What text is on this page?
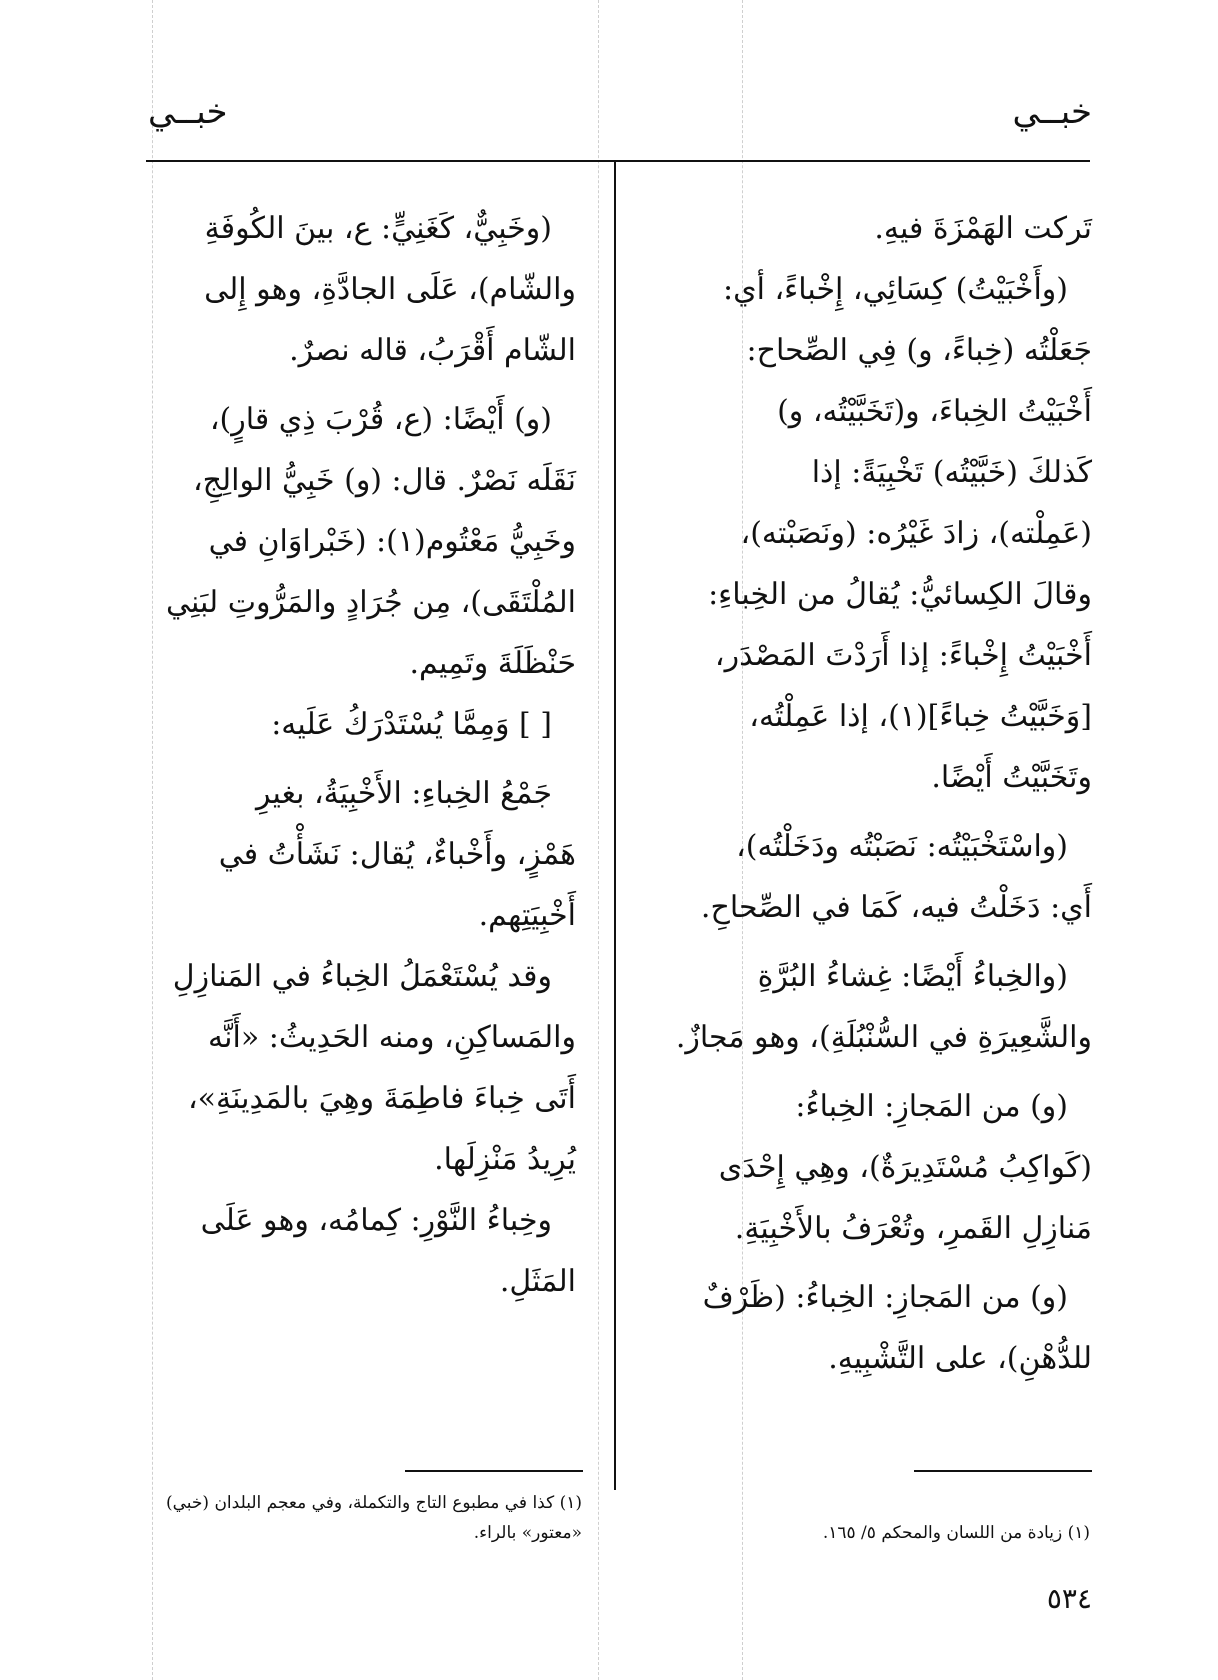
خبــي
خبــي

تَركت الهَمْزَةَ فيهِ.

(وأَخْبَيْتُ) كِسَائِي، إِخْباءً، أي:

جَعَلْتُه (خِباءً، و) فِي الصِّحاح:

أَخْبَيْتُ الخِباءَ، و(تَخَبَّيْتُه، و)

كَذلكَ (خَبَّيْتُه) تَخْبِيَةً: إذا

(عَمِلْته)، زادَ غَيْرُه: (ونَصَبْته)،

وقالَ الكِسائيُّ: يُقالُ من الخِباءِ:

أَخْبَيْتُ إِخْباءً: إذا أَرَدْتَ المَصْدَر،

[وَخَبَّيْتُ خِباءً](١)، إذا عَمِلْتُه،

وتَخَبَّيْتُ أَيْضًا.

(واسْتَخْبَيْتُه: نَصَبْتُه ودَخَلْتُه)،

أَي: دَخَلْتُ فيه، كَمَا في الصِّحاحِ.

(والخِباءُ أَيْضًا: غِشاءُ البُرَّةِ

والشَّعِيرَةِ في السُّنْبُلَةِ)، وهو مَجازٌ.

(و) من المَجازِ: الخِباءُ:

(كَواكِبُ مُسْتَدِيرَةٌ)، وهِي إِحْدَى

مَنازِلِ القَمرِ، وتُعْرَفُ بالأَخْبِيَةِ.

(و) من المَجازِ: الخِباءُ: (ظَرْفٌ

للدُّهْنِ)، على التَّشْبِيهِ.

(وخَبِيٌّ، كَغَنِيٍّ: ع، بينَ الكُوفَةِ

والشّام)، عَلَى الجادَّةِ، وهو إِلى

الشّام أَقْرَبُ، قاله نصرٌ.

(و) أَيْضًا: (ع، قُرْبَ ذِي قارٍ)،

نَقَلَه نَصْرٌ. قال: (و) خَبِيُّ الوالِجِ،

وخَبِيُّ مَعْتُوم(١): (خَبْراوَانِ في

المُلْتَقَى)، مِن جُرَادٍ والمَرُّوتِ لبَنِي

حَنْظَلَةَ وتَمِيم.

[ ] وَمِمَّا يُسْتَدْرَكُ عَلَيه:

جَمْعُ الخِباءِ: الأَخْبِيَةُ، بغيرِ

هَمْزٍ، وأَخْباءٌ، يُقال: نَشَأْتُ في

أَخْبِيَتِهم.

وقد يُسْتَعْمَلُ الخِباءُ في المَنازِلِ

والمَساكِنِ، ومنه الحَدِيثُ: «أَنَّه

أَتَى خِباءَ فاطِمَةَ وهِيَ بالمَدِينَةِ»،

يُرِيدُ مَنْزِلَها.

وخِباءُ النَّوْرِ: كِمامُه، وهو عَلَى

المَثَلِ.

(١) زيادة من اللسان والمحكم ٥/ ١٦٥.
(١) كذا في مطبوع التاج والتكملة، وفي معجم البلدان (خبي) «معتور» بالراء.
٥٣٤
